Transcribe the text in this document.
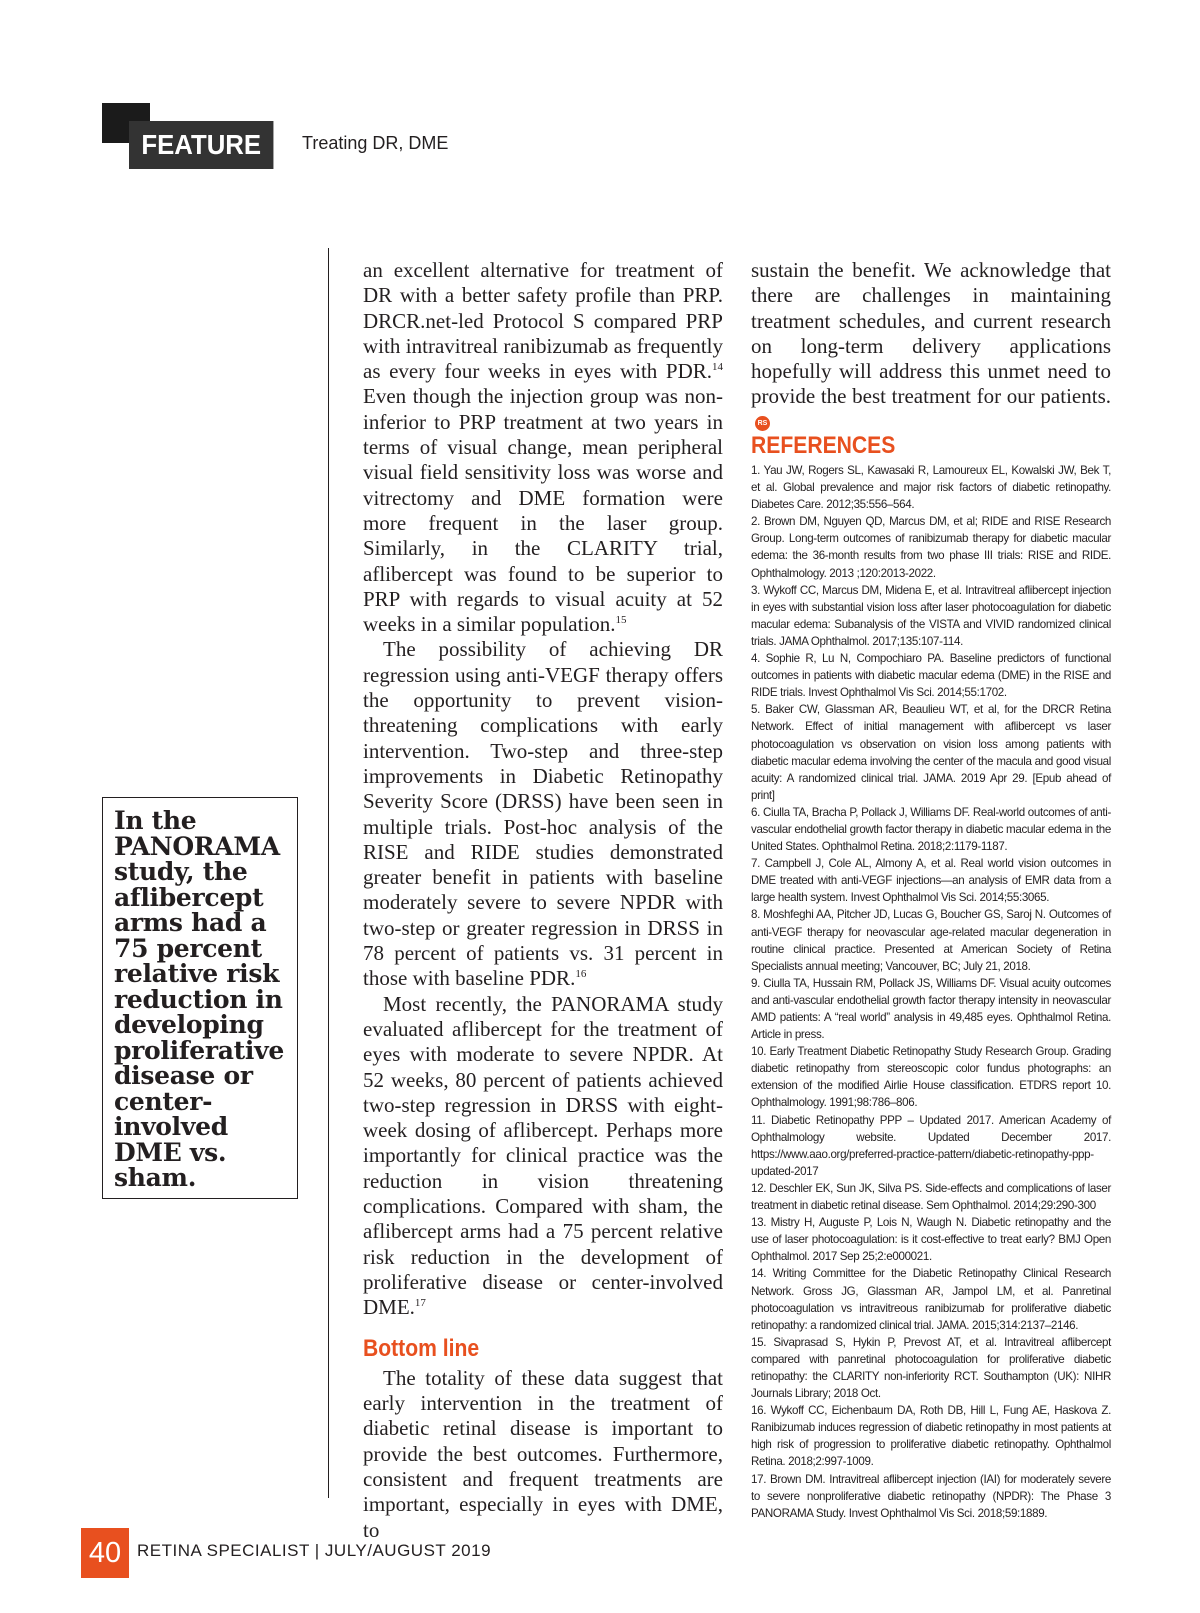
FEATURE	Treating DR, DME
In the PANORAMA study, the aflibercept arms had a 75 percent relative risk reduction in developing proliferative disease or center-involved DME vs. sham.

an excellent alternative for treatment of DR with a better safety profile than PRP. DRCR.net-led Protocol S compared PRP with intravitreal ranibizumab as frequently as every four weeks in eyes with PDR.$^{14}$ Even though the injection group was non-inferior to PRP treatment at two years in terms of visual change, mean peripheral visual field sensitivity loss was worse and vitrectomy and DME formation were more frequent in the laser group. Similarly, in the CLARITY trial, aflibercept was found to be superior to PRP with regards to visual acuity at 52 weeks in a similar population.$^{15}$

The possibility of achieving DR regression using anti-VEGF therapy offers the opportunity to prevent vision-threatening complications with early intervention. Two-step and three-step improvements in Diabetic Retinopathy Severity Score (DRSS) have been seen in multiple trials. Post-hoc analysis of the RISE and RIDE studies demonstrated greater benefit in patients with baseline moderately severe to severe NPDR with two-step or greater regression in DRSS in 78 percent of patients vs. 31 percent in those with baseline PDR.$^{16}$

Most recently, the PANORAMA study evaluated aflibercept for the treatment of eyes with moderate to severe NPDR. At 52 weeks, 80 percent of patients achieved two-step regression in DRSS with eight-week dosing of aflibercept. Perhaps more importantly for clinical practice was the reduction in vision threatening complications. Compared with sham, the aflibercept arms had a 75 percent relative risk reduction in the development of proliferative disease or center-involved DME.$^{17}$

Bottom line

The totality of these data suggest that early intervention in the treatment of diabetic retinal disease is important to provide the best outcomes. Furthermore, consistent and frequent treatments are important, especially in eyes with DME, to

sustain the benefit. We acknowledge that there are challenges in maintaining treatment schedules, and current research on long-term delivery applications hopefully will address this unmet need to provide the best treatment for our patients.RS

REFERENCES
1. Yau JW, Rogers SL, Kawasaki R, Lamoureux EL, Kowalski JW, Bek T, et al. Global prevalence and major risk factors of diabetic retinopathy. Diabetes Care. 2012;35:556–564.
2. Brown DM, Nguyen QD, Marcus DM, et al; RIDE and RISE Research Group. Long-term outcomes of ranibizumab therapy for diabetic macular edema: the 36-month results from two phase III trials: RISE and RIDE. Ophthalmology. 2013 ;120:2013-2022.
3. Wykoff CC, Marcus DM, Midena E, et al. Intravitreal aflibercept injection in eyes with substantial vision loss after laser photocoagulation for diabetic macular edema: Subanalysis of the VISTA and VIVID randomized clinical trials. JAMA Ophthalmol. 2017;135:107-114.
4. Sophie R, Lu N, Compochiaro PA. Baseline predictors of functional outcomes in patients with diabetic macular edema (DME) in the RISE and RIDE trials. Invest Ophthalmol Vis Sci. 2014;55:1702.
5. Baker CW, Glassman AR, Beaulieu WT, et al, for the DRCR Retina Network. Effect of initial management with aflibercept vs laser photocoagulation vs observation on vision loss among patients with diabetic macular edema involving the center of the macula and good visual acuity: A randomized clinical trial. JAMA. 2019 Apr 29. [Epub ahead of print]
6. Ciulla TA, Bracha P, Pollack J, Williams DF. Real-world outcomes of anti-vascular endothelial growth factor therapy in diabetic macular edema in the United States. Ophthalmol Retina. 2018;2:1179-1187.
7. Campbell J, Cole AL, Almony A, et al. Real world vision outcomes in DME treated with anti-VEGF injections—an analysis of EMR data from a large health system. Invest Ophthalmol Vis Sci. 2014;55:3065.
8. Moshfeghi AA, Pitcher JD, Lucas G, Boucher GS, Saroj N. Outcomes of anti-VEGF therapy for neovascular age-related macular degeneration in routine clinical practice. Presented at American Society of Retina Specialists annual meeting; Vancouver, BC; July 21, 2018.
9. Ciulla TA, Hussain RM, Pollack JS, Williams DF. Visual acuity outcomes and anti-vascular endothelial growth factor therapy intensity in neovascular AMD patients: A “real world” analysis in 49,485 eyes. Ophthalmol Retina. Article in press.
10. Early Treatment Diabetic Retinopathy Study Research Group. Grading diabetic retinopathy from stereoscopic color fundus photographs: an extension of the modified Airlie House classification. ETDRS report 10. Ophthalmology. 1991;98:786–806.
11. Diabetic Retinopathy PPP – Updated 2017. American Academy of Ophthalmology website. Updated December 2017. https://www.aao.org/preferred-practice-pattern/diabetic-retinopathy-ppp-updated-2017
12. Deschler EK, Sun JK, Silva PS. Side-effects and complications of laser treatment in diabetic retinal disease. Sem Ophthalmol. 2014;29:290-300
13. Mistry H, Auguste P, Lois N, Waugh N. Diabetic retinopathy and the use of laser photocoagulation: is it cost-effective to treat early? BMJ Open Ophthalmol. 2017 Sep 25;2:e000021.
14. Writing Committee for the Diabetic Retinopathy Clinical Research Network. Gross JG, Glassman AR, Jampol LM, et al. Panretinal photocoagulation vs intravitreous ranibizumab for proliferative diabetic retinopathy: a randomized clinical trial. JAMA. 2015;314:2137–2146.
15. Sivaprasad S, Hykin P, Prevost AT, et al. Intravitreal aflibercept compared with panretinal photocoagulation for proliferative diabetic retinopathy: the CLARITY non-inferiority RCT. Southampton (UK): NIHR Journals Library; 2018 Oct.
16. Wykoff CC, Eichenbaum DA, Roth DB, Hill L, Fung AE, Haskova Z. Ranibizumab induces regression of diabetic retinopathy in most patients at high risk of progression to proliferative diabetic retinopathy. Ophthalmol Retina. 2018;2:997-1009.
17. Brown DM. Intravitreal aflibercept injection (IAI) for moderately severe to severe nonproliferative diabetic retinopathy (NPDR): The Phase 3 PANORAMA Study. Invest Ophthalmol Vis Sci. 2018;59:1889.
40 RETINA SPECIALIST | JULY/AUGUST 2019
